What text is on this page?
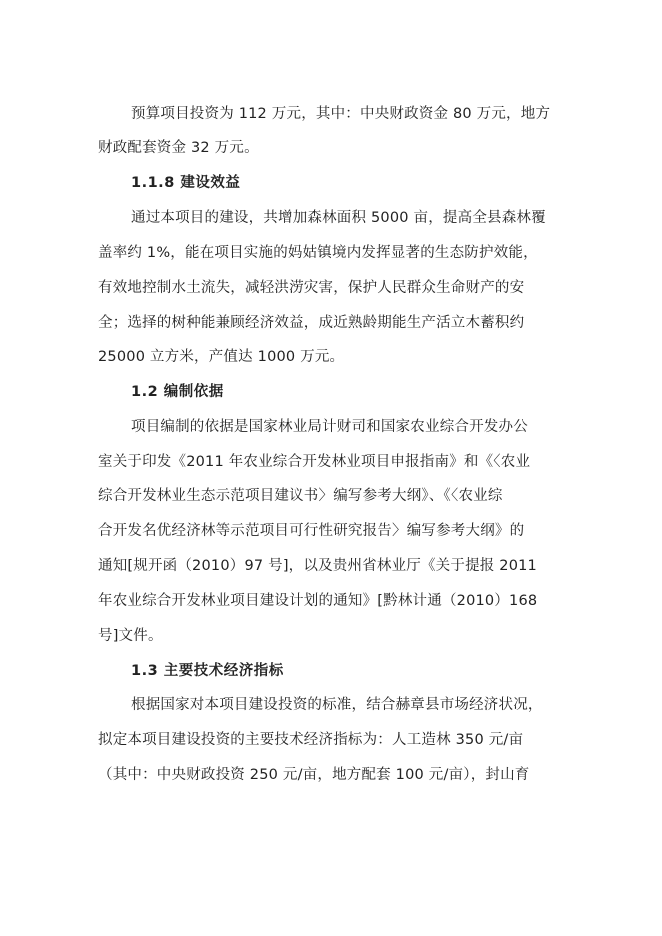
预算项目投资为 112 万元，其中：中央财政资金 80 万元，地方
财政配套资金 32 万元。
1.1.8 建设效益
通过本项目的建设，共增加森林面积 5000 亩，提高全县森林覆
盖率约 1%，能在项目实施的妈姑镇境内发挥显著的生态防护效能，
有效地控制水土流失，减轻洪涝灾害，保护人民群众生命财产的安
全；选择的树种能兼顾经济效益，成近熟龄期能生产活立木蓄积约
25000 立方米，产值达 1000 万元。
1.2 编制依据
项目编制的依据是国家林业局计财司和国家农业综合开发办公
室关于印发《2011 年农业综合开发林业项目申报指南》和《〈农业
综合开发林业生态示范项目建议书〉编写参考大纲》、《〈农业综
合开发名优经济林等示范项目可行性研究报告〉编写参考大纲》的
通知[规开函（2010）97 号]，以及贵州省林业厅《关于提报 2011
年农业综合开发林业项目建设计划的通知》[黔林计通（2010）168
号]文件。
1.3 主要技术经济指标
根据国家对本项目建设投资的标准，结合赫章县市场经济状况，
拟定本项目建设投资的主要技术经济指标为：人工造林 350 元/亩
（其中：中央财政投资 250 元/亩，地方配套 100 元/亩），封山育
